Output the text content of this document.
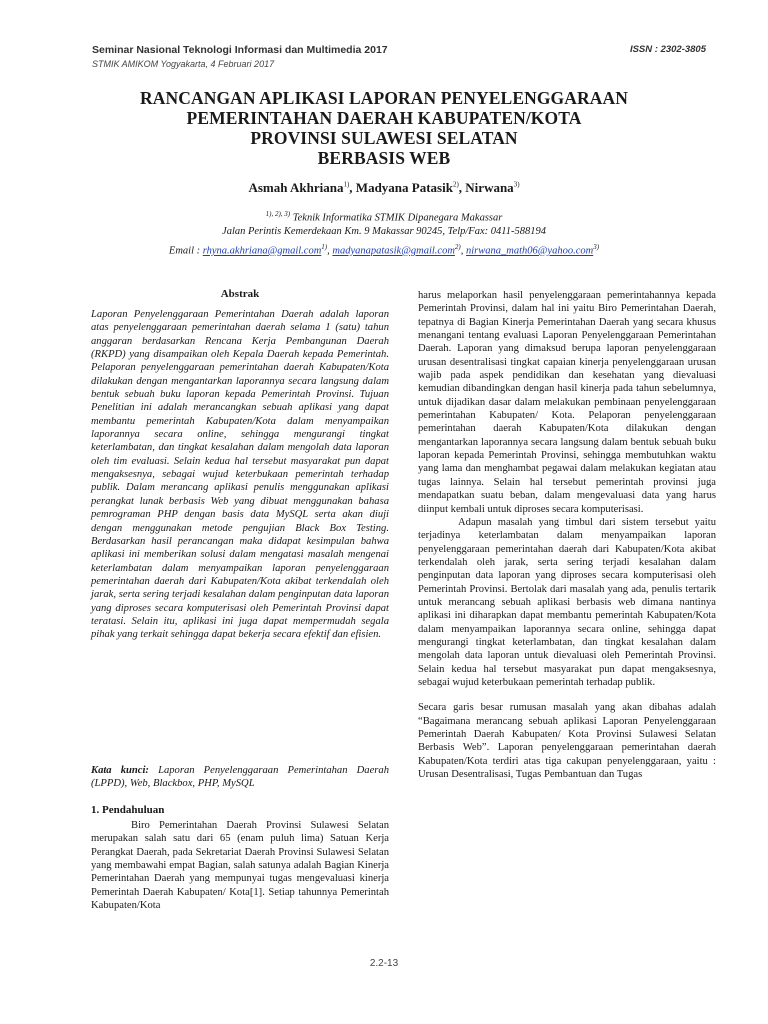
Seminar Nasional Teknologi Informasi dan Multimedia 2017
STMIK AMIKOM Yogyakarta, 4 Februari 2017
ISSN : 2302-3805
RANCANGAN APLIKASI LAPORAN PENYELENGGARAAN
PEMERINTAHAN DAERAH KABUPATEN/KOTA
PROVINSI SULAWESI SELATAN
BERBASIS WEB
Asmah Akhriana$^{1)}$, Madyana Patasik$^{2)}$, Nirwana$^{3)}$
$^{1), 2), 3)}$ Teknik Informatika STMIK Dipanegara Makassar
Jalan Perintis Kemerdekaan Km. 9 Makassar 90245, Telp/Fax: 0411-588194
Email : rhyna.akhriana@gmail.com$^{1)}$, madyanapatasik@gmail.com$^{2)}$, nirwana_math06@yahoo.com$^{3)}$
Abstrak
Laporan Penyelenggaraan Pemerintahan Daerah adalah laporan atas penyelenggaraan pemerintahan daerah selama 1 (satu) tahun anggaran berdasarkan Rencana Kerja Pembangunan Daerah (RKPD) yang disampaikan oleh Kepala Daerah kepada Pemerintah. Pelaporan penyelenggaraan pemerintahan daerah Kabupaten/Kota dilakukan dengan mengantarkan laporannya secara langsung dalam bentuk sebuah buku laporan kepada Pemerintah Provinsi. Tujuan Penelitian ini adalah merancangkan sebuah aplikasi yang dapat membantu pemerintah Kabupaten/Kota dalam menyampaikan laporannya secara online, sehingga mengurangi tingkat keterlambatan, dan tingkat kesalahan dalam mengolah data laporan oleh tim evaluasi. Selain kedua hal tersebut masyarakat pun dapat mengaksesnya, sebagai wujud keterbukaan pemerintah terhadap publik. Dalam merancang aplikasi penulis menggunakan aplikasi perangkat lunak berbasis Web yang dibuat menggunakan bahasa pemrograman PHP dengan basis data MySQL serta akan diuji dengan menggunakan metode pengujian Black Box Testing. Berdasarkan hasil perancangan maka didapat kesimpulan bahwa aplikasi ini memberikan solusi dalam mengatasi masalah mengenai keterlambatan dalam menyampaikan laporan penyelenggaraan pemerintahan daerah dari Kabupaten/Kota akibat terkendalah oleh jarak, serta sering terjadi kesalahan dalam penginputan data laporan yang diproses secara komputerisasi oleh Pemerintah Provinsi dapat teratasi. Selain itu, aplikasi ini juga dapat mempermudah segala pihak yang terkait sehingga dapat bekerja secara efektif dan efisien.
Kata kunci: Laporan Penyelenggaraan Pemerintahan Daerah (LPPD), Web, Blackbox, PHP, MySQL
1. Pendahuluan

Biro Pemerintahan Daerah Provinsi Sulawesi Selatan merupakan salah satu dari 65 (enam puluh lima) Satuan Kerja Perangkat Daerah, pada Sekretariat Daerah Provinsi Sulawesi Selatan yang membawahi empat Bagian, salah satunya adalah Bagian Kinerja Pemerintahan Daerah yang mempunyai tugas mengevaluasi kinerja Pemerintah Daerah Kabupaten/ Kota[1]. Setiap tahunnya Pemerintah Kabupaten/Kota

harus melaporkan hasil penyelenggaraan pemerintahannya kepada Pemerintah Provinsi, dalam hal ini yaitu Biro Pemerintahan Daerah, tepatnya di Bagian Kinerja Pemerintahan Daerah yang secara khusus menangani tentang evaluasi Laporan Penyelenggaraan Pemerintahan Daerah. Laporan yang dimaksud berupa laporan penyelenggaraan urusan desentralisasi tingkat capaian kinerja penyelenggaraan urusan wajib pada aspek pendidikan dan kesehatan yang dievaluasi kemudian dibandingkan dengan hasil kinerja pada tahun sebelumnya, untuk dijadikan dasar dalam melakukan pembinaan penyelenggaraan pemerintahan Kabupaten/ Kota. Pelaporan penyelenggaraan pemerintahan daerah Kabupaten/Kota dilakukan dengan mengantarkan laporannya secara langsung dalam bentuk sebuah buku laporan kepada Pemerintah Provinsi, sehingga membutuhkan waktu yang lama dan menghambat pegawai dalam melakukan kegiatan atau tugas lainnya. Selain hal tersebut pemerintah provinsi juga mendapatkan suatu beban, dalam mengevaluasi data yang harus diinput kembali untuk diproses secara komputerisasi.

Adapun masalah yang timbul dari sistem tersebut yaitu terjadinya keterlambatan dalam menyampaikan laporan penyelenggaraan pemerintahan daerah dari Kabupaten/Kota akibat terkendalah oleh jarak, serta sering terjadi kesalahan dalam penginputan data laporan yang diproses secara komputerisasi oleh Pemerintah Provinsi. Bertolak dari masalah yang ada, penulis tertarik untuk merancang sebuah aplikasi berbasis web dimana nantinya aplikasi ini diharapkan dapat membantu pemerintah Kabupaten/Kota dalam menyampaikan laporannya secara online, sehingga dapat mengurangi tingkat keterlambatan, dan tingkat kesalahan dalam mengolah data laporan untuk dievaluasi oleh Pemerintah Provinsi. Selain kedua hal tersebut masyarakat pun dapat mengaksesnya, sebagai wujud keterbukaan pemerintah terhadap publik.

Secara garis besar rumusan masalah yang akan dibahas adalah “Bagaimana merancang sebuah aplikasi Laporan Penyelenggaraan Pemerintah Daerah Kabupaten/ Kota Provinsi Sulawesi Selatan Berbasis Web”. Laporan penyelenggaraan pemerintahan daerah Kabupaten/Kota terdiri atas tiga cakupan penyelenggaraan, yaitu : Urusan Desentralisasi, Tugas Pembantuan dan Tugas

2.2-13
